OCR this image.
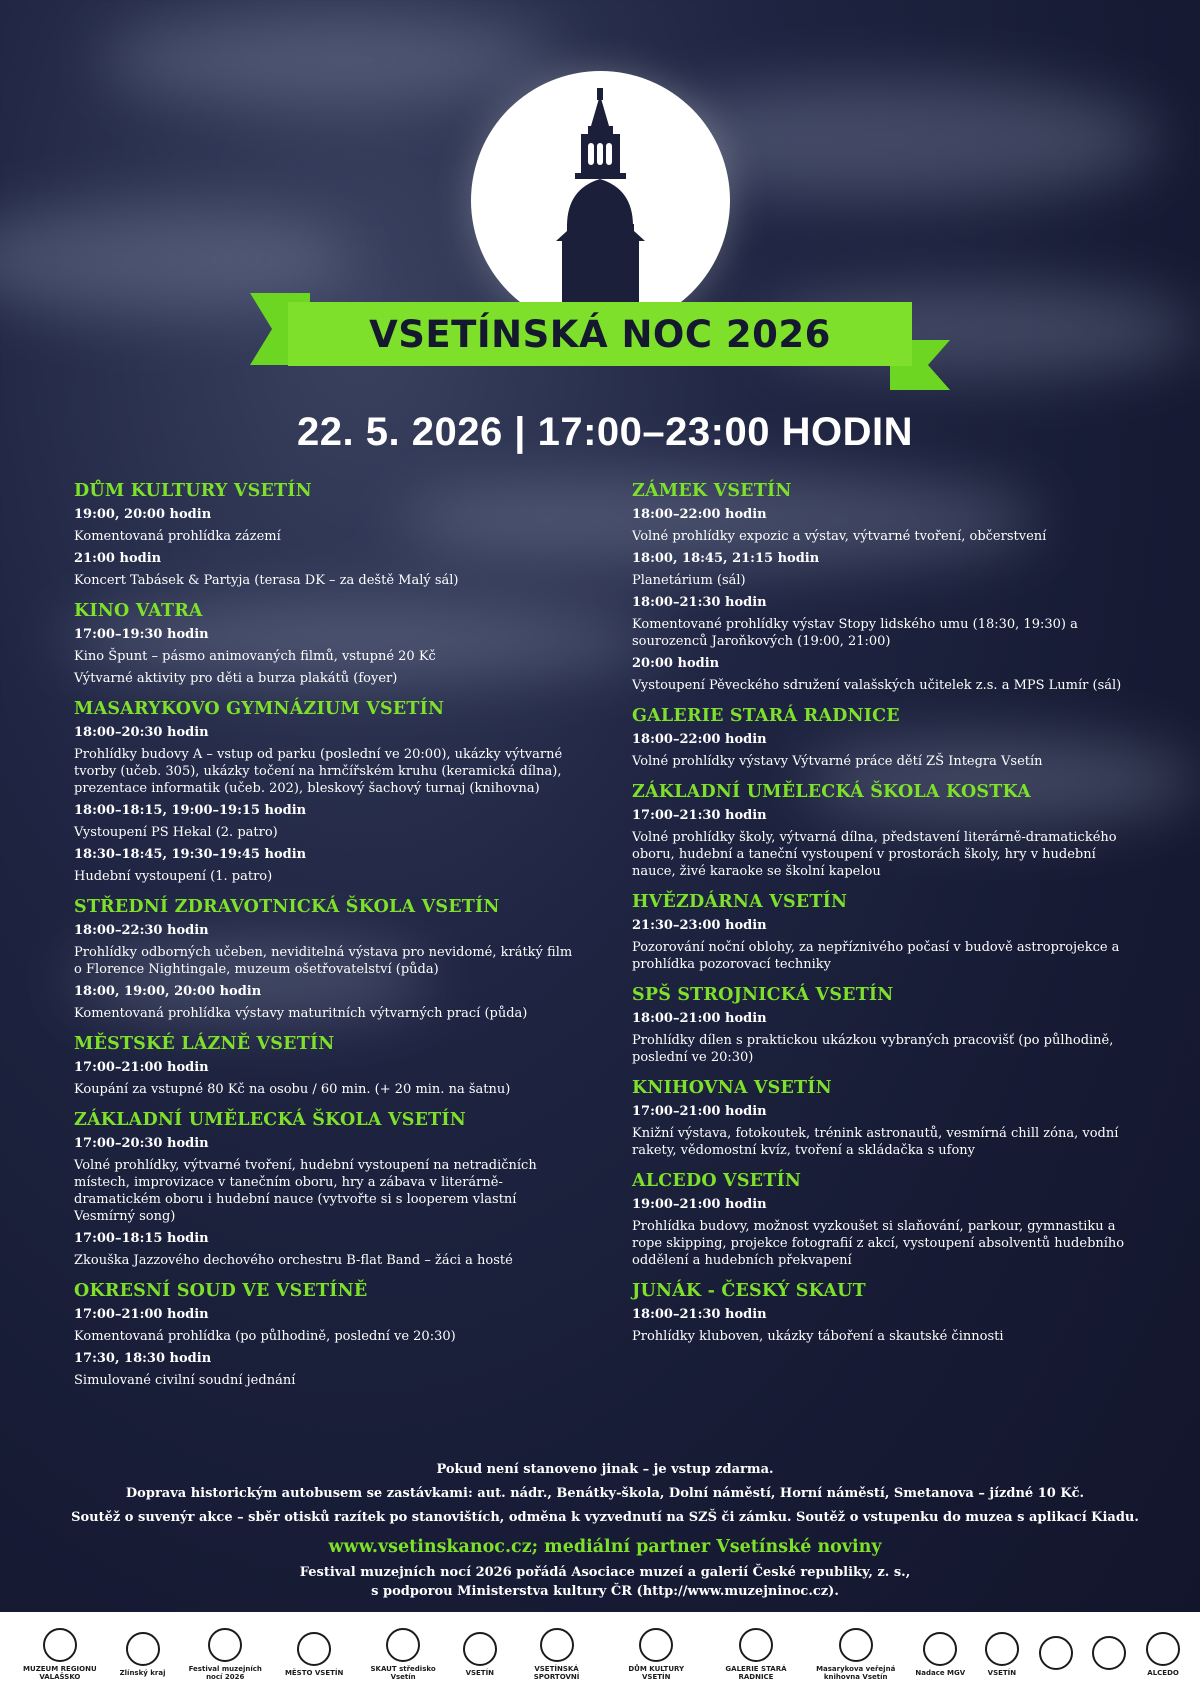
VSETÍNSKÁ NOC 2026
22. 5. 2026 | 17:00–23:00 HODIN
DŮM KULTURY VSETÍN
19:00, 20:00 hodin
Komentovaná prohlídka zázemí
21:00 hodin
Koncert Tabásek & Partyja (terasa DK – za deště Malý sál)
KINO VATRA
17:00–19:30 hodin
Kino Špunt – pásmo animovaných filmů, vstupné 20 Kč
Výtvarné aktivity pro děti a burza plakátů (foyer)
MASARYKOVO GYMNÁZIUM VSETÍN
18:00–20:30 hodin
Prohlídky budovy A – vstup od parku (poslední ve 20:00), ukázky výtvarné tvorby (učeb. 305), ukázky točení na hrnčířském kruhu (keramická dílna), prezentace informatik (učeb. 202), bleskový šachový turnaj (knihovna)
18:00–18:15, 19:00–19:15 hodin
Vystoupení PS Hekal (2. patro)
18:30–18:45, 19:30–19:45 hodin
Hudební vystoupení (1. patro)
STŘEDNÍ ZDRAVOTNICKÁ ŠKOLA VSETÍN
18:00–22:30 hodin
Prohlídky odborných učeben, neviditelná výstava pro nevidomé, krátký film o Florence Nightingale, muzeum ošetřovatelství (půda)
18:00, 19:00, 20:00 hodin
Komentovaná prohlídka výstavy maturitních výtvarných prací (půda)
MĚSTSKÉ LÁZNĚ VSETÍN
17:00–21:00 hodin
Koupání za vstupné 80 Kč na osobu / 60 min. (+ 20 min. na šatnu)
ZÁKLADNÍ UMĚLECKÁ ŠKOLA VSETÍN
17:00–20:30 hodin
Volné prohlídky, výtvarné tvoření, hudební vystoupení na netradičních místech, improvizace v tanečním oboru, hry a zábava v literárně-dramatickém oboru i hudební nauce (vytvořte si s looperem vlastní Vesmírný song)
17:00–18:15 hodin
Zkouška Jazzového dechového orchestru B-flat Band – žáci a hosté
OKRESNÍ SOUD VE VSETÍNĚ
17:00–21:00 hodin
Komentovaná prohlídka (po půlhodině, poslední ve 20:30)
17:30, 18:30 hodin
Simulované civilní soudní jednání
ZÁMEK VSETÍN
18:00–22:00 hodin
Volné prohlídky expozic a výstav, výtvarné tvoření, občerstvení
18:00, 18:45, 21:15 hodin
Planetárium (sál)
18:00–21:30 hodin
Komentované prohlídky výstav Stopy lidského umu (18:30, 19:30) a sourozenců Jaroňkových (19:00, 21:00)
20:00 hodin
Vystoupení Pěveckého sdružení valašských učitelek z.s. a MPS Lumír (sál)
GALERIE STARÁ RADNICE
18:00–22:00 hodin
Volné prohlídky výstavy Výtvarné práce dětí ZŠ Integra Vsetín
ZÁKLADNÍ UMĚLECKÁ ŠKOLA KOSTKA
17:00–21:30 hodin
Volné prohlídky školy, výtvarná dílna, představení literárně-dramatického oboru, hudební a taneční vystoupení v prostorách školy, hry v hudební nauce, živé karaoke se školní kapelou
HVĚZDÁRNA VSETÍN
21:30–23:00 hodin
Pozorování noční oblohy, za nepříznivého počasí v budově astroprojekce a prohlídka pozorovací techniky
SPŠ STROJNICKÁ VSETÍN
18:00–21:00 hodin
Prohlídky dílen s praktickou ukázkou vybraných pracovišť (po půlhodině, poslední ve 20:30)
KNIHOVNA VSETÍN
17:00–21:00 hodin
Knižní výstava, fotokoutek, trénink astronautů, vesmírná chill zóna, vodní rakety, vědomostní kvíz, tvoření a skládačka s ufony
ALCEDO VSETÍN
19:00–21:00 hodin
Prohlídka budovy, možnost vyzkoušet si slaňování, parkour, gymnastiku a rope skipping, projekce fotografií z akcí, vystoupení absolventů hudebního oddělení a hudebních překvapení
JUNÁK - ČESKÝ SKAUT
18:00–21:30 hodin
Prohlídky kluboven, ukázky táboření a skautské činnosti
Pokud není stanoveno jinak – je vstup zdarma.
Doprava historickým autobusem se zastávkami: aut. nádr., Benátky-škola, Dolní náměstí, Horní náměstí, Smetanova – jízdné 10 Kč.
Soutěž o suvenýr akce – sběr otisků razítek po stanovištích, odměna k vyzvednutí na SZŠ či zámku. Soutěž o vstupenku do muzea s aplikací Kiadu.
www.vsetinskanoc.cz; mediální partner Vsetínské noviny
Festival muzejních nocí 2026 pořádá Asociace muzeí a galerií České republiky, z. s.,
s podporou Ministerstva kultury ČR (http://www.muzejninoc.cz).
MUZEUM REGIONU VALAŠSKO	Zlínský kraj	Festival muzejních nocí 2026	MĚSTO VSETÍN	SKAUT středisko Vsetín	VSETÍN	VSETÍNSKÁ SPORTOVNÍ
DŮM KULTURY VSETÍN
GALERIE STARÁ RADNICE
Masarykova veřejná knihovna Vsetín	Nadace MGV	VSETÍN	ALCEDO
